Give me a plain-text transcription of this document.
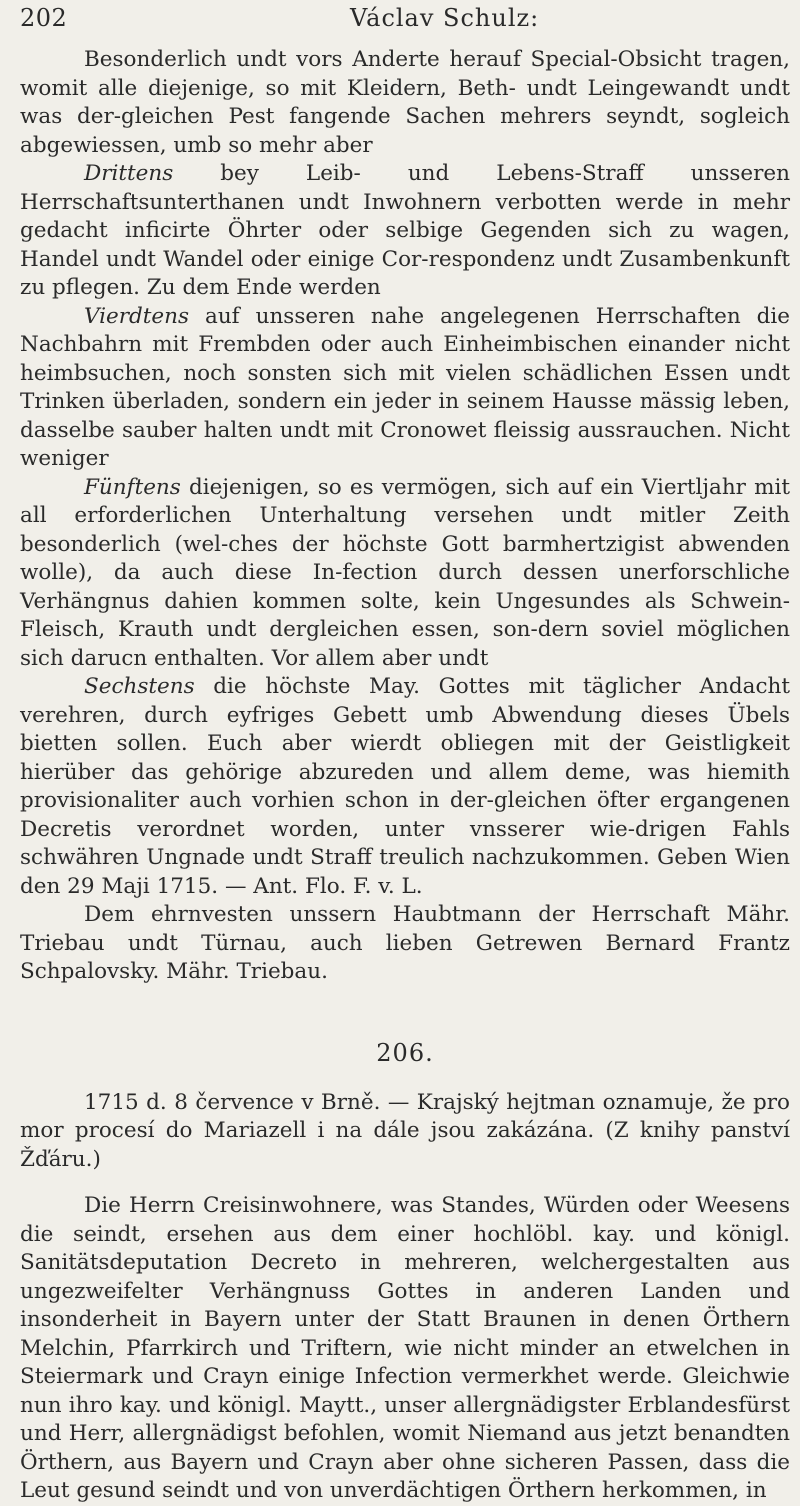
202	Václav Schulz:

Besonderlich undt vors Anderte herauf Special-Obsicht tragen, womit alle diejenige, so mit Kleidern, Beth- undt Leingewandt undt was der-gleichen Pest fangende Sachen mehrers seyndt, sogleich abgewiessen, umb so mehr aber

Drittens bey Leib- und Lebens-Straff unsseren Herrschaftsunterthanen undt Inwohnern verbotten werde in mehr gedacht inficirte Öhrter oder selbige Gegenden sich zu wagen, Handel undt Wandel oder einige Cor-respondenz undt Zusambenkunft zu pflegen. Zu dem Ende werden

Vierdtens auf unsseren nahe angelegenen Herrschaften die Nachbahrn mit Frembden oder auch Einheimbischen einander nicht heimbsuchen, noch sonsten sich mit vielen schädlichen Essen undt Trinken überladen, sondern ein jeder in seinem Hausse mässig leben, dasselbe sauber halten undt mit Cronowet fleissig aussrauchen. Nicht weniger

Fünftens diejenigen, so es vermögen, sich auf ein Viertljahr mit all erforderlichen Unterhaltung versehen undt mitler Zeith besonderlich (wel-ches der höchste Gott barmhertzigist abwenden wolle), da auch diese In-fection durch dessen unerforschliche Verhängnus dahien kommen solte, kein Ungesundes als Schwein-Fleisch, Krauth undt dergleichen essen, son-dern soviel möglichen sich darucn enthalten. Vor allem aber undt

Sechstens die höchste May. Gottes mit täglicher Andacht verehren, durch eyfriges Gebett umb Abwendung dieses Übels bietten sollen. Euch aber wierdt obliegen mit der Geistligkeit hierüber das gehörige abzureden und allem deme, was hiemith provisionaliter auch vorhien schon in der-gleichen öfter ergangenen Decretis verordnet worden, unter vnsserer wie-drigen Fahls schwähren Ungnade undt Straff treulich nachzukommen. Geben Wien den 29 Maji 1715. — Ant. Flo. F. v. L.

Dem ehrnvesten unssern Haubtmann der Herrschaft Mähr. Triebau undt Türnau, auch lieben Getrewen Bernard Frantz Schpalovsky. Mähr. Triebau.

206.

1715 d. 8 července v Brně. — Krajský hejtman oznamuje, že pro mor procesí do Mariazell i na dále jsou zakázána. (Z knihy panství Žďáru.)

Die Herrn Creisinwohnere, was Standes, Würden oder Weesens die seindt, ersehen aus dem einer hochlöbl. kay. und königl. Sanitätsdeputation Decreto in mehreren, welchergestalten aus ungezweifelter Verhängnuss Gottes in anderen Landen und insonderheit in Bayern unter der Statt Braunen in denen Örthern Melchin, Pfarrkirch und Triftern, wie nicht minder an etwelchen in Steiermark und Crayn einige Infection vermerkhet werde. Gleichwie nun ihro kay. und königl. Maytt., unser allergnädigster Erblandesfürst und Herr, allergnädigst befohlen, womit Niemand aus jetzt benandten Örthern, aus Bayern und Crayn aber ohne sicheren Passen, dass die Leut gesund seindt und von unverdächtigen Örthern herkommen, in
